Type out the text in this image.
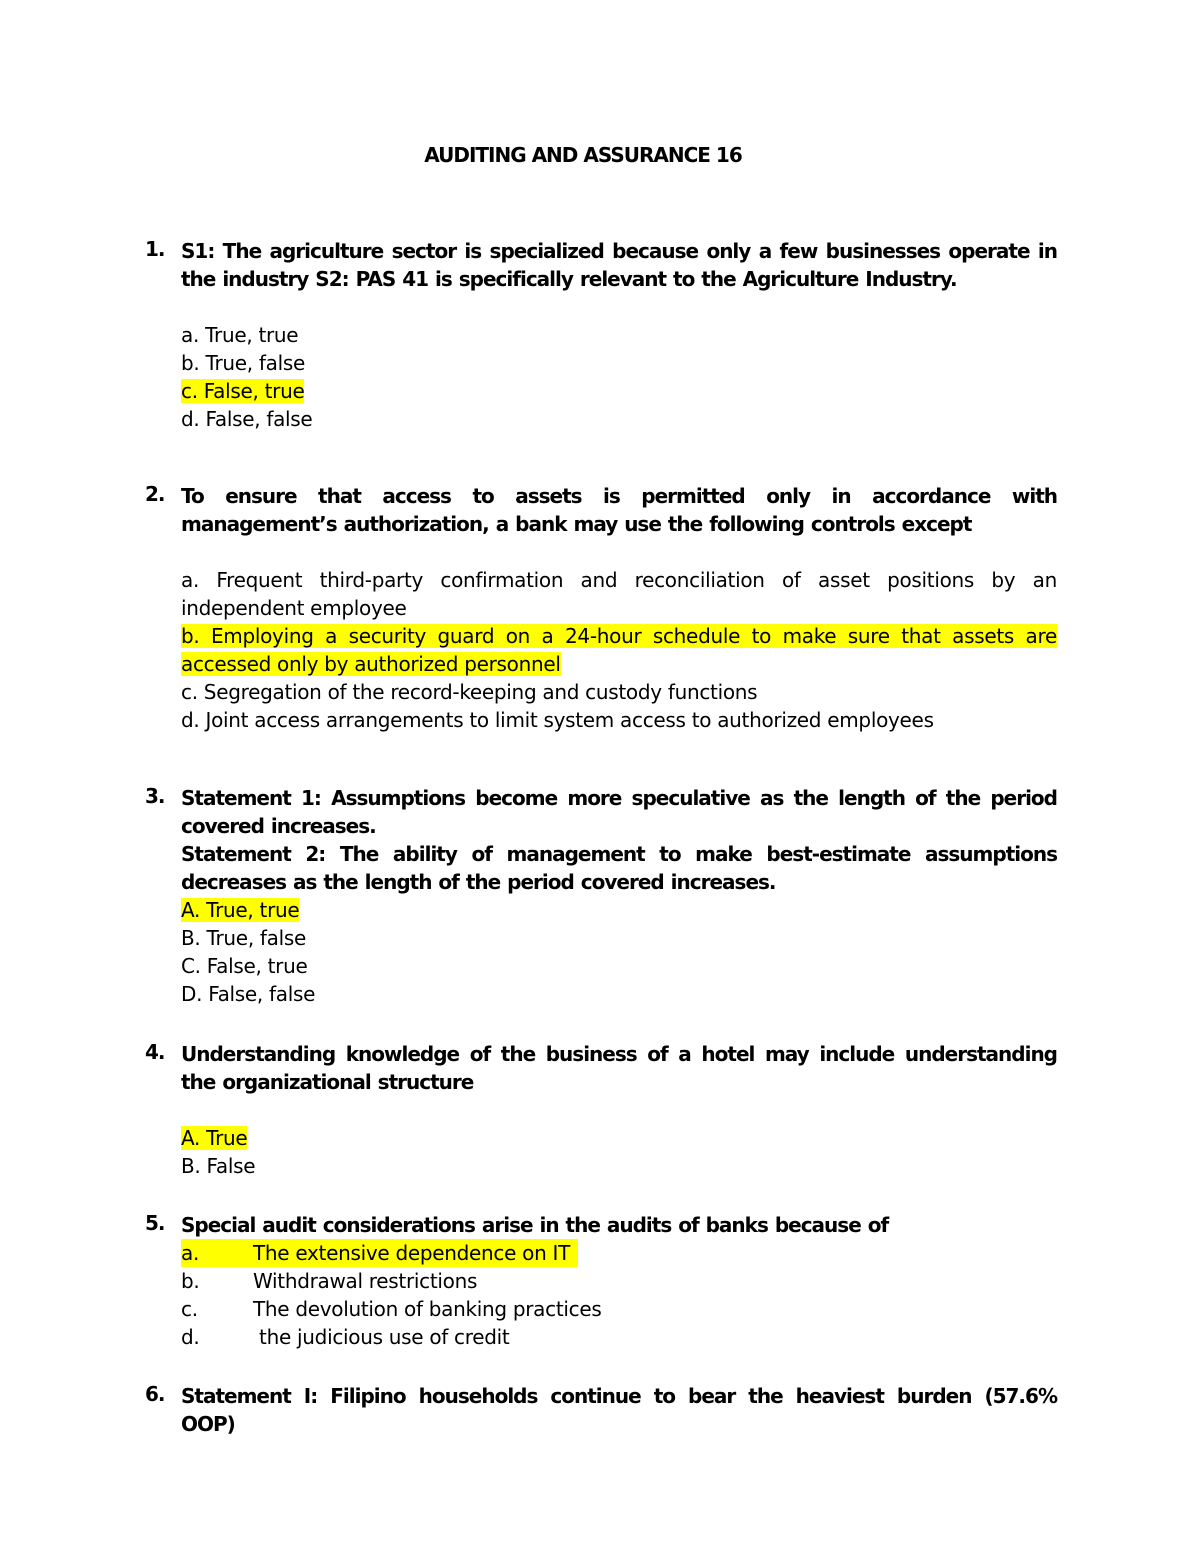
AUDITING AND ASSURANCE 16
1. S1: The agriculture sector is specialized because only a few businesses operate in the industry S2: PAS 41 is specifically relevant to the Agriculture Industry.
a. True, true
b. True, false
c. False, true
d. False, false
2. To ensure that access to assets is permitted only in accordance with management’s authorization, a bank may use the following controls except
a. Frequent third-party confirmation and reconciliation of asset positions by an independent employee
b. Employing a security guard on a 24-hour schedule to make sure that assets are accessed only by authorized personnel
c. Segregation of the record-keeping and custody functions
d. Joint access arrangements to limit system access to authorized employees
3. Statement 1: Assumptions become more speculative as the length of the period covered increases.
Statement 2: The ability of management to make best-estimate assumptions decreases as the length of the period covered increases.
A. True, true
B. True, false
C. False, true
D. False, false
4. Understanding knowledge of the business of a hotel may include understanding the organizational structure
A. True
B. False
5. Special audit considerations arise in the audits of banks because of
a.	The extensive dependence on IT
b.	Withdrawal restrictions
c.	The devolution of banking practices
d.	the judicious use of credit
6. Statement I: Filipino households continue to bear the heaviest burden (57.6% OOP)
